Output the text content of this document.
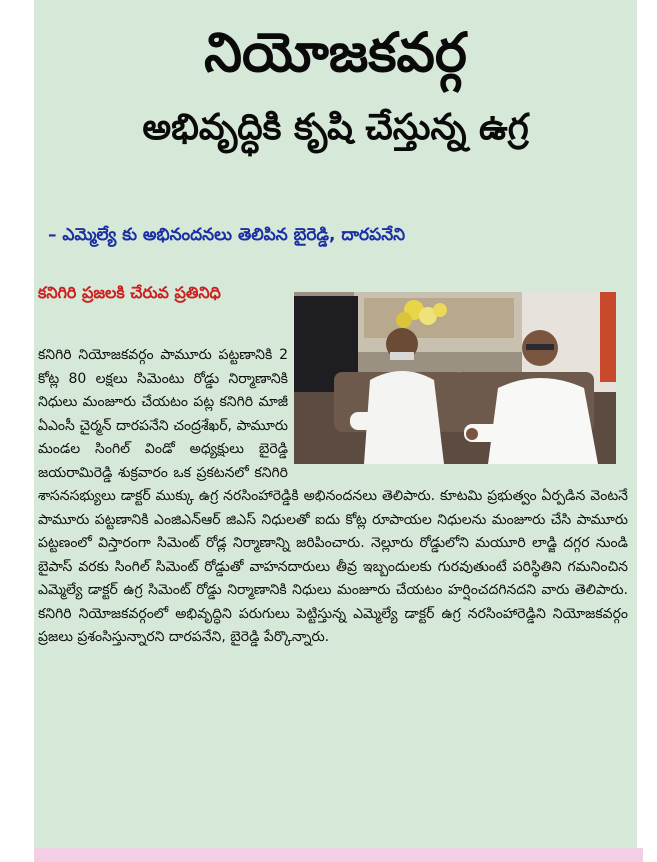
నియోజకవర్గ
అభివృద్ధికి కృషి చేస్తున్న ఉగ్ర
– ఎమ్మెల్యే కు అభినందనలు తెలిపిన బైరెడ్డి, దారపనేని
కనిగిరి ప్రజలకి చేరువ ప్రతినిధి

కనిగిరి నియోజకవర్గం పామూరు పట్టణానికి 2 కోట్ల 80 లక్షలు సిమెంటు రోడ్డు నిర్మాణానికి నిధులు మంజూరు చేయటం పట్ల కనిగిరి మాజీ ఏఎంసీ చైర్మన్ దారపనేని చంద్రశేఖర్, పామూరు మండల సింగిల్ విండో అధ్యక్షులు బైరెడ్డి జయరామిరెడ్డి శుక్రవారం ఒక ప్రకటనలో కనిగిరి శాసనసభ్యులు డాక్టర్ ముక్కు ఉగ్ర నరసింహారెడ్డికి అభినందనలు తెలిపారు. కూటమి ప్రభుత్వం ఏర్పడిన వెంటనే పామూరు పట్టణానికి ఎంజిఎన్ఆర్ జిఎస్ నిధులతో ఐదు కోట్ల రూపాయల నిధులను మంజూరు చేసి పామూరు పట్టణంలో విస్తారంగా సిమెంట్ రోడ్ల నిర్మాణాన్ని జరిపించారు. నెల్లూరు రోడ్డులోని మయూరి లాడ్జి దగ్గర నుండి బైపాస్ వరకు సింగిల్ సిమెంట్ రోడ్డుతో వాహనదారులు తీవ్ర ఇబ్బందులకు గురవుతుంటే పరిస్థితిని గమనించిన ఎమ్మెల్యే డాక్టర్ ఉగ్ర సిమెంట్ రోడ్డు నిర్మాణానికి నిధులు మంజూరు చేయటం హర్షించదగినదని వారు తెలిపారు. కనిగిరి నియోజకవర్గంలో అభివృద్ధిని పరుగులు పెట్టిస్తున్న ఎమ్మెల్యే డాక్టర్ ఉగ్ర నరసింహారెడ్డిని నియోజకవర్గం ప్రజలు ప్రశంసిస్తున్నారని దారపనేని, బైరెడ్డి పేర్కొన్నారు.
